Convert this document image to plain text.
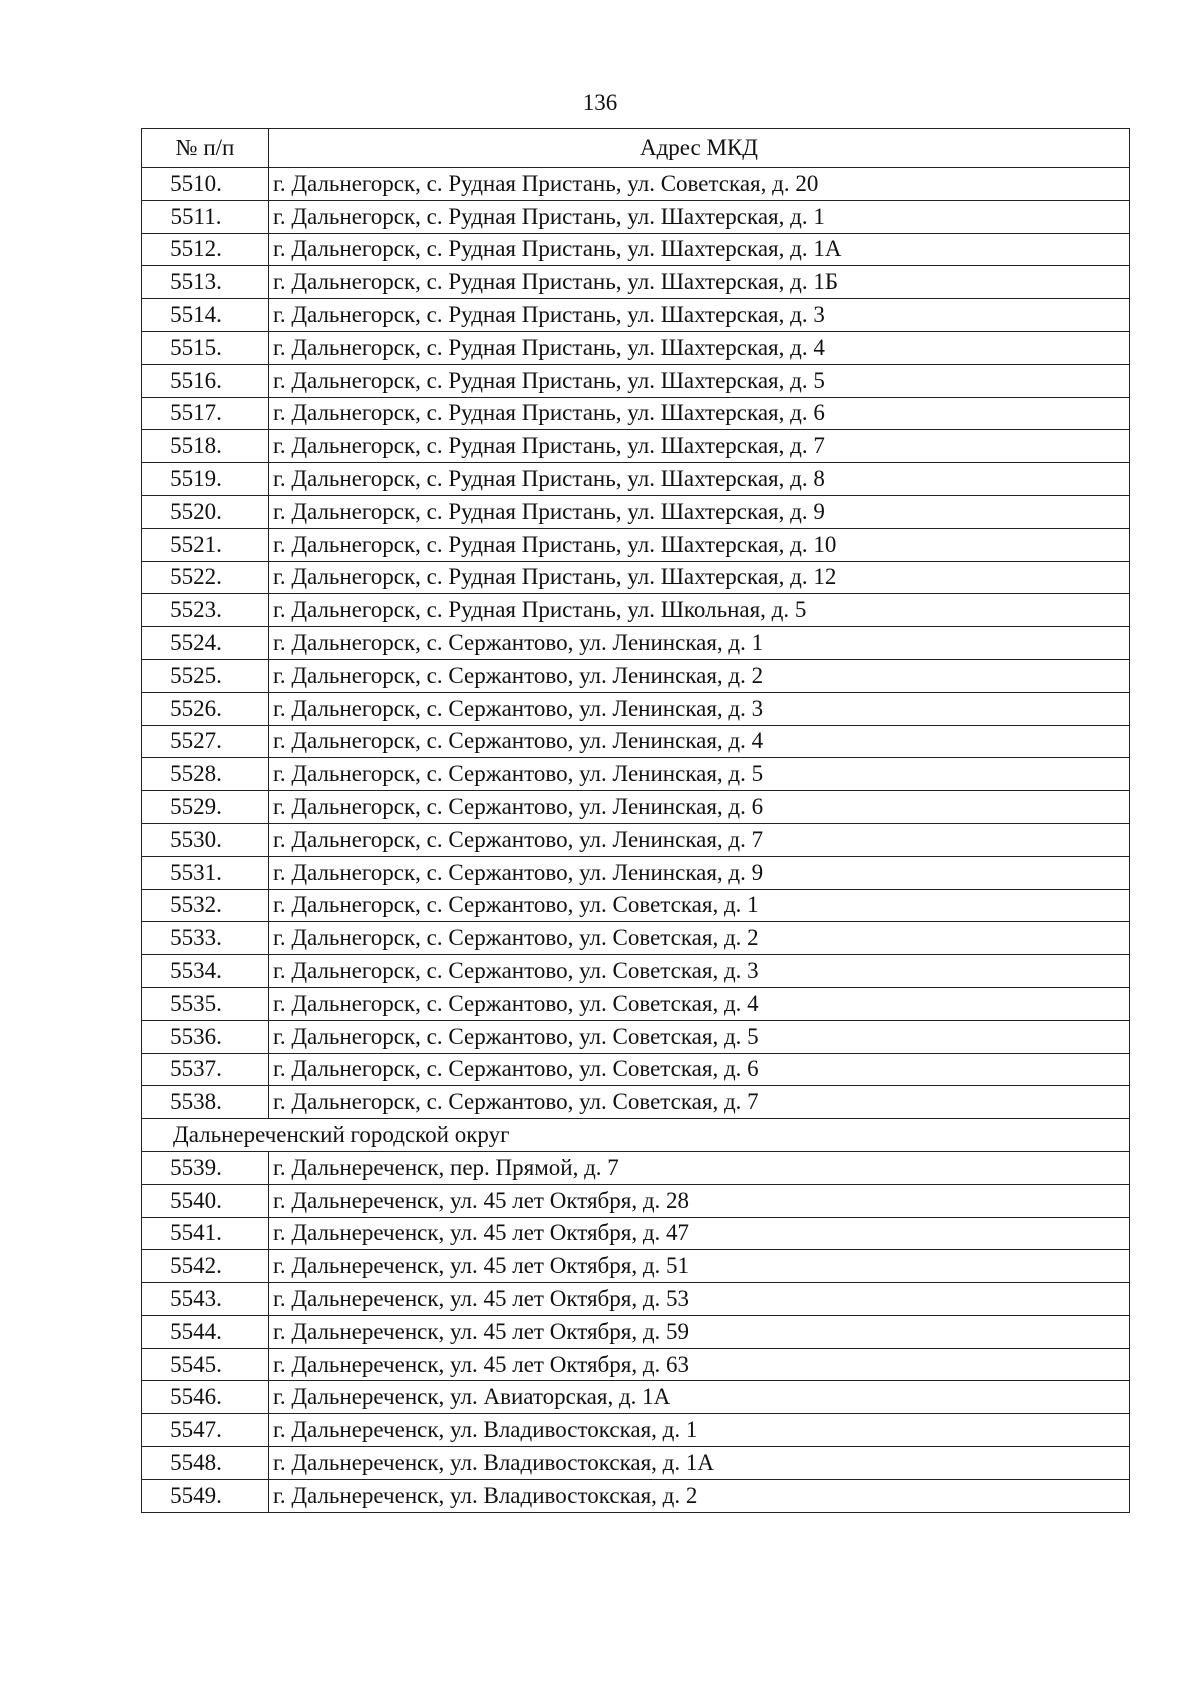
136
№ п/п	Адрес МКД
5510.	г. Дальнегорск, с. Рудная Пристань, ул. Советская, д. 20
5511.	г. Дальнегорск, с. Рудная Пристань, ул. Шахтерская, д. 1
5512.	г. Дальнегорск, с. Рудная Пристань, ул. Шахтерская, д. 1А
5513.	г. Дальнегорск, с. Рудная Пристань, ул. Шахтерская, д. 1Б
5514.	г. Дальнегорск, с. Рудная Пристань, ул. Шахтерская, д. 3
5515.	г. Дальнегорск, с. Рудная Пристань, ул. Шахтерская, д. 4
5516.	г. Дальнегорск, с. Рудная Пристань, ул. Шахтерская, д. 5
5517.	г. Дальнегорск, с. Рудная Пристань, ул. Шахтерская, д. 6
5518.	г. Дальнегорск, с. Рудная Пристань, ул. Шахтерская, д. 7
5519.	г. Дальнегорск, с. Рудная Пристань, ул. Шахтерская, д. 8
5520.	г. Дальнегорск, с. Рудная Пристань, ул. Шахтерская, д. 9
5521.	г. Дальнегорск, с. Рудная Пристань, ул. Шахтерская, д. 10
5522.	г. Дальнегорск, с. Рудная Пристань, ул. Шахтерская, д. 12
5523.	г. Дальнегорск, с. Рудная Пристань, ул. Школьная, д. 5
5524.	г. Дальнегорск, с. Сержантово, ул. Ленинская, д. 1
5525.	г. Дальнегорск, с. Сержантово, ул. Ленинская, д. 2
5526.	г. Дальнегорск, с. Сержантово, ул. Ленинская, д. 3
5527.	г. Дальнегорск, с. Сержантово, ул. Ленинская, д. 4
5528.	г. Дальнегорск, с. Сержантово, ул. Ленинская, д. 5
5529.	г. Дальнегорск, с. Сержантово, ул. Ленинская, д. 6
5530.	г. Дальнегорск, с. Сержантово, ул. Ленинская, д. 7
5531.	г. Дальнегорск, с. Сержантово, ул. Ленинская, д. 9
5532.	г. Дальнегорск, с. Сержантово, ул. Советская, д. 1
5533.	г. Дальнегорск, с. Сержантово, ул. Советская, д. 2
5534.	г. Дальнегорск, с. Сержантово, ул. Советская, д. 3
5535.	г. Дальнегорск, с. Сержантово, ул. Советская, д. 4
5536.	г. Дальнегорск, с. Сержантово, ул. Советская, д. 5
5537.	г. Дальнегорск, с. Сержантово, ул. Советская, д. 6
5538.	г. Дальнегорск, с. Сержантово, ул. Советская, д. 7
Дальнереченский городской округ	
5539.	г. Дальнереченск, пер. Прямой, д. 7
5540.	г. Дальнереченск, ул. 45 лет Октября, д. 28
5541.	г. Дальнереченск, ул. 45 лет Октября, д. 47
5542.	г. Дальнереченск, ул. 45 лет Октября, д. 51
5543.	г. Дальнереченск, ул. 45 лет Октября, д. 53
5544.	г. Дальнереченск, ул. 45 лет Октября, д. 59
5545.	г. Дальнереченск, ул. 45 лет Октября, д. 63
5546.	г. Дальнереченск, ул. Авиаторская, д. 1А
5547.	г. Дальнереченск, ул. Владивостокская, д. 1
5548.	г. Дальнереченск, ул. Владивостокская, д. 1А
5549.	г. Дальнереченск, ул. Владивостокская, д. 2
